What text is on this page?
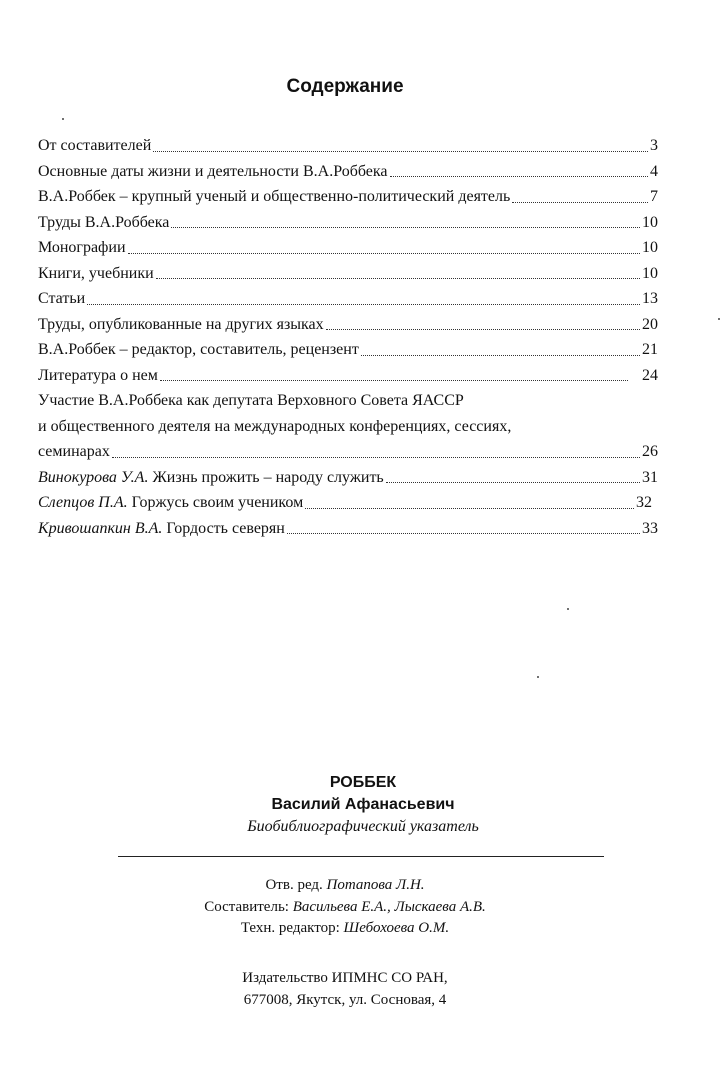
Содержание
От составителей	3
Основные даты жизни и деятельности В.А.Роббека	4
В.А.Роббек – крупный ученый и общественно-политический деятель	7
Труды В.А.Роббека	10
Монографии	10
Книги, учебники	10
Статьи	13
Труды, опубликованные на других языках	20
В.А.Роббек – редактор, составитель, рецензент	21
Литература о нем	24
Участие В.А.Роббека как депутата Верховного Совета ЯАССР
и общественного деятеля на международных конференциях, сессиях,
семинарах	26
Винокурова У.А. Жизнь прожить – народу служить	31
Слепцов П.А. Горжусь своим учеником	32
Кривошапкин В.А. Гордость северян	33
РОББЕК
Василий Афанасьевич
Биобиблиографический указатель
Отв. ред. Потапова Л.Н.
Составитель: Васильева Е.А., Лыскаева А.В.
Техн. редактор: Шебохоева О.М.
Издательство ИПМНС СО РАН,
677008, Якутск, ул. Сосновая, 4
